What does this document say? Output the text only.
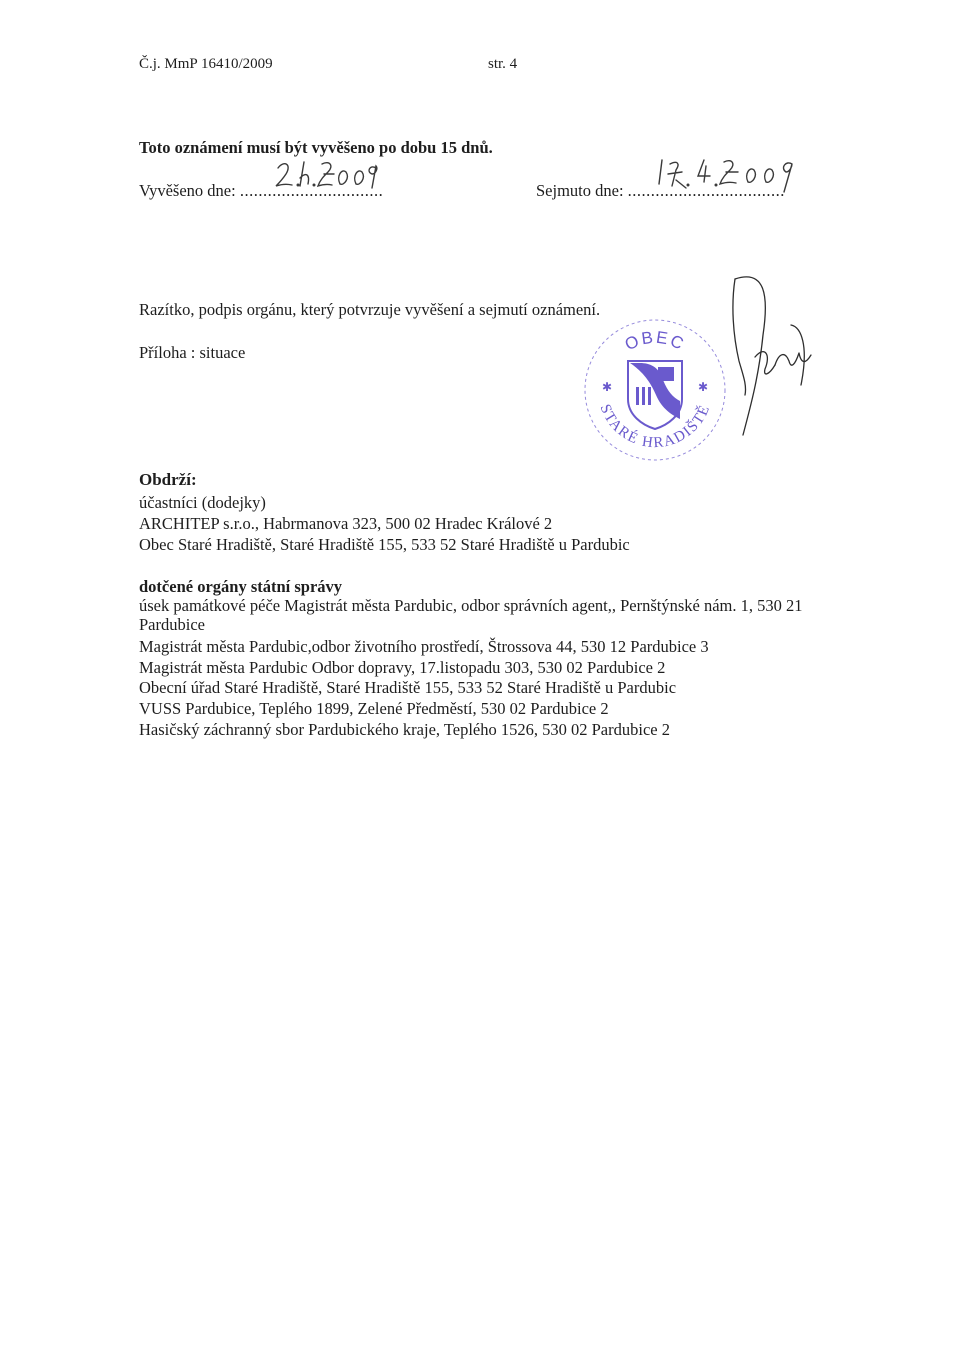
Č.j. MmP 16410/2009	str. 4
Toto oznámení musí být vyvěšeno po dobu 15 dnů.
Vyvěšeno dne: ...............................	Sejmuto dne: ..................................
Razítko, podpis orgánu, který potvrzuje vyvěšení a sejmutí oznámení.
Příloha : situace	OBEC
STARÉ HRADIŠTĚ
✱	✱
Obdrží:
účastníci (dodejky)
ARCHITEP s.r.o., Habrmanova 323, 500 02 Hradec Králové 2
Obec Staré Hradiště, Staré Hradiště 155, 533 52 Staré Hradiště u Pardubic
dotčené orgány státní správy
úsek památkové péče Magistrát města Pardubic, odbor správních agent,, Pernštýnské nám. 1, 530 21
Pardubice
Magistrát města Pardubic,odbor životního prostředí, Štrossova 44, 530 12 Pardubice 3
Magistrát města Pardubic Odbor dopravy, 17.listopadu 303, 530 02 Pardubice 2
Obecní úřad Staré Hradiště, Staré Hradiště 155, 533 52 Staré Hradiště u Pardubic
VUSS Pardubice, Teplého 1899, Zelené Předměstí, 530 02 Pardubice 2
Hasičský záchranný sbor Pardubického kraje, Teplého 1526, 530 02 Pardubice 2
